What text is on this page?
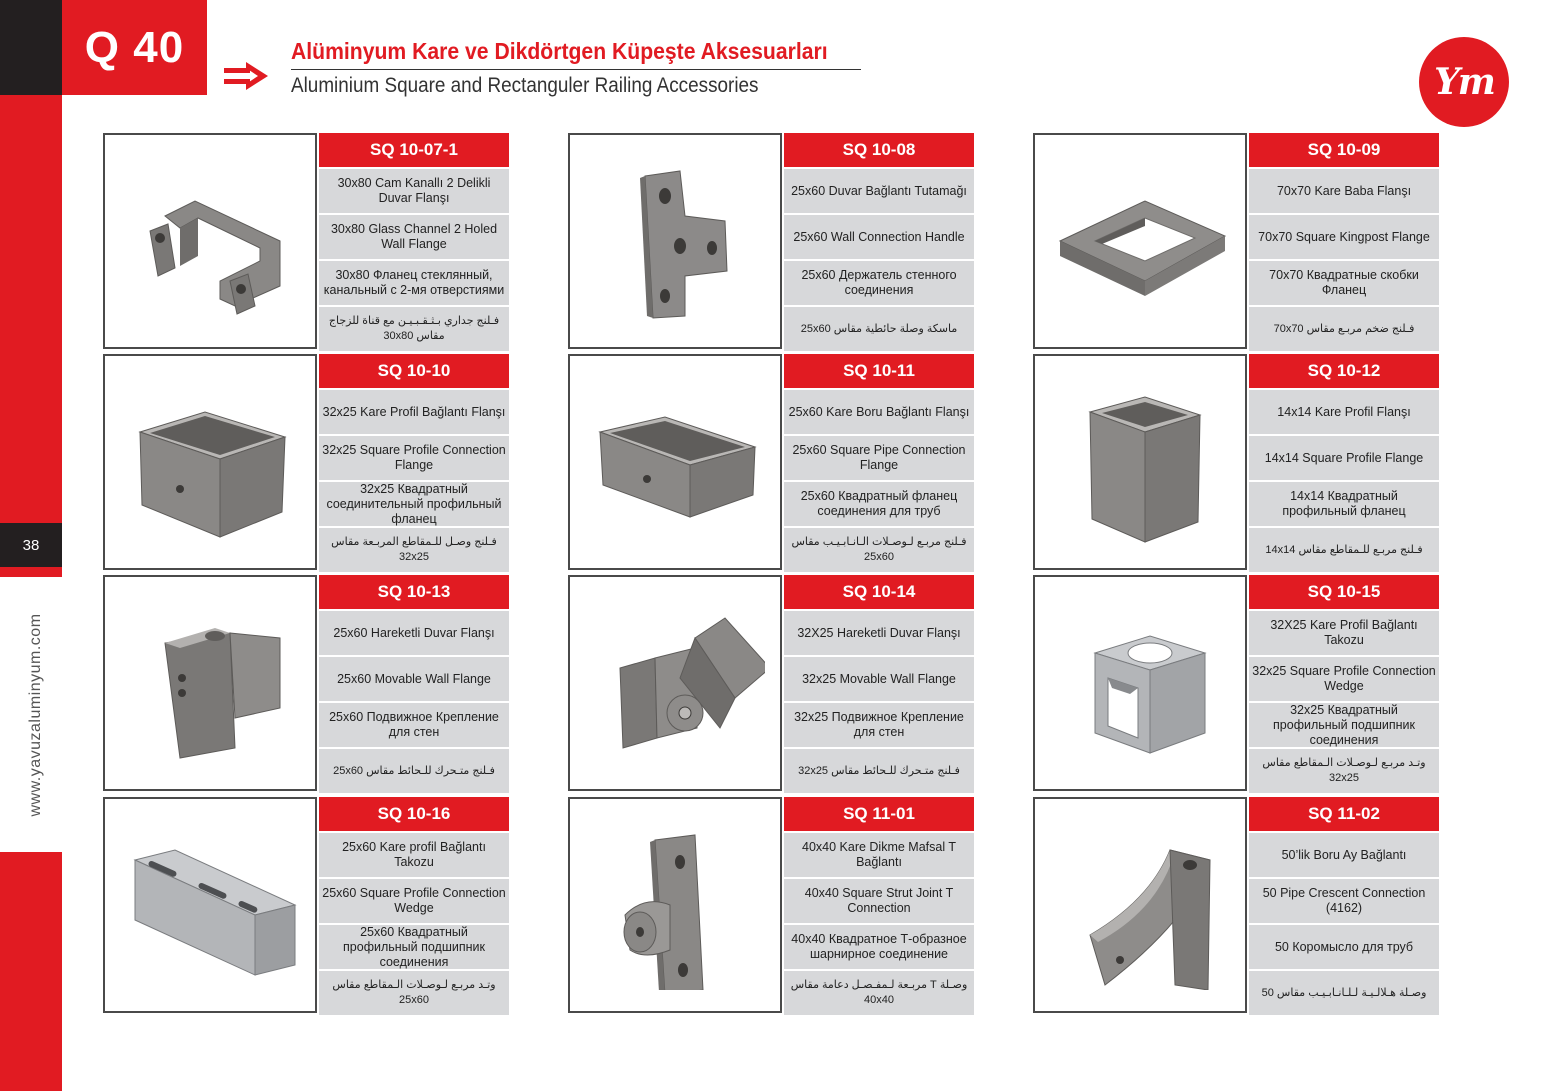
38
www.yavuzaluminyum.com
Q 40	Alüminyum Kare ve Dikdörtgen Küpeşte Aksesuarları
Aluminium Square and Rectanguler Railing Accessories	Ym
SQ 10-07-1
30x80 Cam Kanallı 2 Delikli Duvar Flanşı
30x80 Glass Channel 2 Holed Wall Flange
30x80 Фланец стеклянный, канальный с 2-мя отверстиями
فـلنج جداري بـثـقـبـيـن مع قناة للزجاج مقاس 30x80
SQ 10-08
25x60 Duvar Bağlantı Tutamağı
25x60 Wall Connection Handle
25x60 Держатель стенного соединения
ماسكة وصلة حائطية مقاس 25x60
SQ 10-09
70x70 Kare Baba Flanşı
70x70 Square Kingpost Flange
70x70 Квадратные скобки Фланец
فـلنج ضخم مربـع مقاس 70x70
SQ 10-10
32x25 Kare Profil Bağlantı Flanşı
32x25 Square Profile Connection Flange
32x25 Квадратный соединительный профильный фланец
فـلنج وصـل للـمقاطع المربـعة مقاس 32x25
SQ 10-11
25x60 Kare Boru Bağlantı Flanşı
25x60 Square Pipe Connection Flange
25x60 Квадратный фланец соединения для труб
فـلنج مربـع لـوصـلات الـانـابـيـب مقاس 25x60
SQ 10-12
14x14 Kare Profil Flanşı
14x14 Square Profile Flange
14x14 Квадратный профильный фланец
فـلنج مربـع للـمقاطع مقاس 14x14
SQ 10-13
25x60 Hareketli Duvar Flanşı
25x60 Movable Wall Flange
25x60 Подвижное Крепление для стен
فـلنج متـحرك للـحائط مقاس 25x60
SQ 10-14
32X25 Hareketli Duvar Flanşı
32x25 Movable Wall Flange
32x25 Подвижное Крепление для стен
فـلنج متـحرك للـحائط مقاس 32x25
SQ 10-15
32X25 Kare Profil Bağlantı Takozu
32x25 Square Profile Connection Wedge
32x25 Квадратный профильный подшипник соединения
وتـد مربـع لـوصـلات الـمقاطع مقاس 32x25
SQ 10-16
25x60 Kare profil Bağlantı Takozu
25x60 Square Profile Connection Wedge
25x60 Квадратный профильный подшипник соединения
وتـد مربـع لـوصـلات الـمقاطع مقاس 25x60
SQ 11-01
40x40 Kare Dikme Mafsal T Bağlantı
40x40 Square Strut Joint T Connection
40x40 Квадратное Т-образное шарнирное соединение
وصـلة T مربـعة لـمفـصـل دعامة مقاس 40x40
SQ 11-02
50’lik Boru Ay Bağlantı
50 Pipe Crescent Connection (4162)
50 Коромысло для труб
وصـلة هـلالـيـة لـلـانـابـيـب مقاس 50
